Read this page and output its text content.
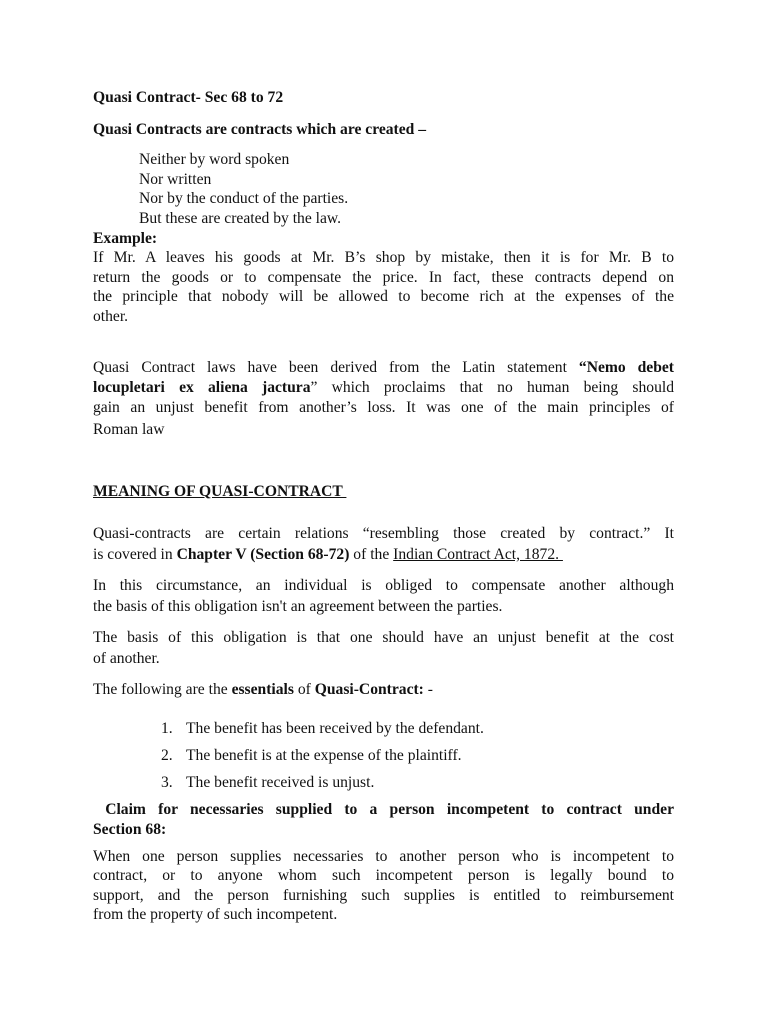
Quasi Contract- Sec 68 to 72
Quasi Contracts are contracts which are created –
Neither by word spoken
Nor written
Nor by the conduct of the parties.
But these are created by the law.
Example:
If Mr. A leaves his goods at Mr. B’s shop by mistake, then it is for Mr. B to
return the goods or to compensate the price. In fact, these contracts depend on
the principle that nobody will be allowed to become rich at the expenses of the
other.
Quasi Contract laws have been derived from the Latin statement “Nemo debet
locupletari ex aliena jactura” which proclaims that no human being should
gain an unjust benefit from another’s loss. It was one of the main principles of
Roman law
MEANING OF QUASI-CONTRACT
Quasi-contracts are certain relations “resembling those created by contract.” It
is covered in Chapter V (Section 68-72) of the Indian Contract Act, 1872.
In this circumstance, an individual is obliged to compensate another although
the basis of this obligation isn't an agreement between the parties.
The basis of this obligation is that one should have an unjust benefit at the cost
of another.
The following are the essentials of Quasi-Contract: -
1. The benefit has been received by the defendant.
2. The benefit is at the expense of the plaintiff.
3. The benefit received is unjust.
Claim for necessaries supplied to a person incompetent to contract under
Section 68:
When one person supplies necessaries to another person who is incompetent to
contract, or to anyone whom such incompetent person is legally bound to
support, and the person furnishing such supplies is entitled to reimbursement
from the property of such incompetent.
